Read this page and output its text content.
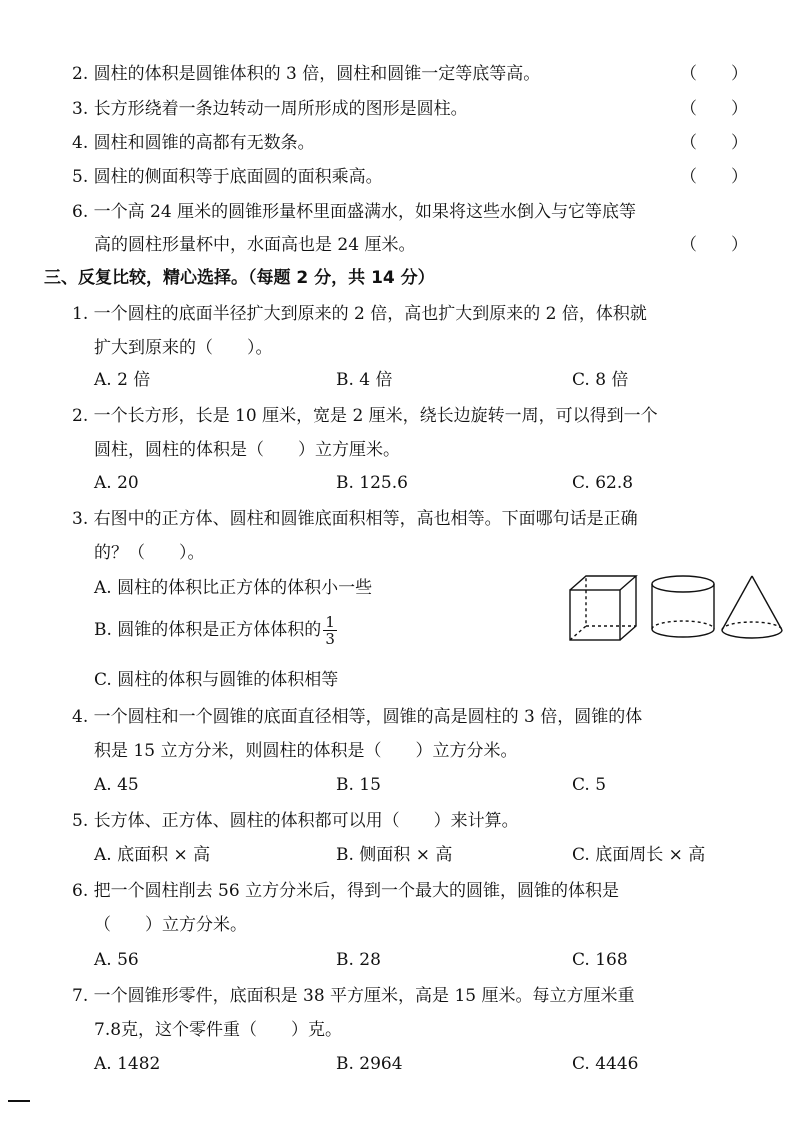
2. 圆柱的体积是圆锥体积的 3 倍，圆柱和圆锥一定等底等高。	（　　）
3. 长方形绕着一条边转动一周所形成的图形是圆柱。	（　　）
4. 圆柱和圆锥的高都有无数条。	（　　）
5. 圆柱的侧面积等于底面圆的面积乘高。	（　　）
6. 一个高 24 厘米的圆锥形量杯里面盛满水，如果将这些水倒入与它等底等
高的圆柱形量杯中，水面高也是 24 厘米。	（　　）
三、反复比较，精心选择。（每题 2 分，共 14 分）
1. 一个圆柱的底面半径扩大到原来的 2 倍，高也扩大到原来的 2 倍，体积就
扩大到原来的（　　）。
A. 2 倍	B. 4 倍	C. 8 倍
2. 一个长方形，长是 10 厘米，宽是 2 厘米，绕长边旋转一周，可以得到一个
圆柱，圆柱的体积是（　　）立方厘米。
A. 20	B. 125.6	C. 62.8
3. 右图中的正方体、圆柱和圆锥底面积相等，高也相等。下面哪句话是正确
的？（　　）。
A. 圆柱的体积比正方体的体积小一些
B. 圆锥的体积是正方体体积的 $\frac{1}{3}$
C. 圆柱的体积与圆锥的体积相等
4. 一个圆柱和一个圆锥的底面直径相等，圆锥的高是圆柱的 3 倍，圆锥的体
积是 15 立方分米，则圆柱的体积是（　　）立方分米。
A. 45	B. 15	C. 5
5. 长方体、正方体、圆柱的体积都可以用（　　）来计算。
A. 底面积 × 高	B. 侧面积 × 高	C. 底面周长 × 高
6. 把一个圆柱削去 56 立方分米后，得到一个最大的圆锥，圆锥的体积是
（　　）立方分米。
A. 56	B. 28	C. 168
7. 一个圆锥形零件，底面积是 38 平方厘米，高是 15 厘米。每立方厘米重
7.8克，这个零件重（　　）克。
A. 1482	B. 2964	C. 4446
